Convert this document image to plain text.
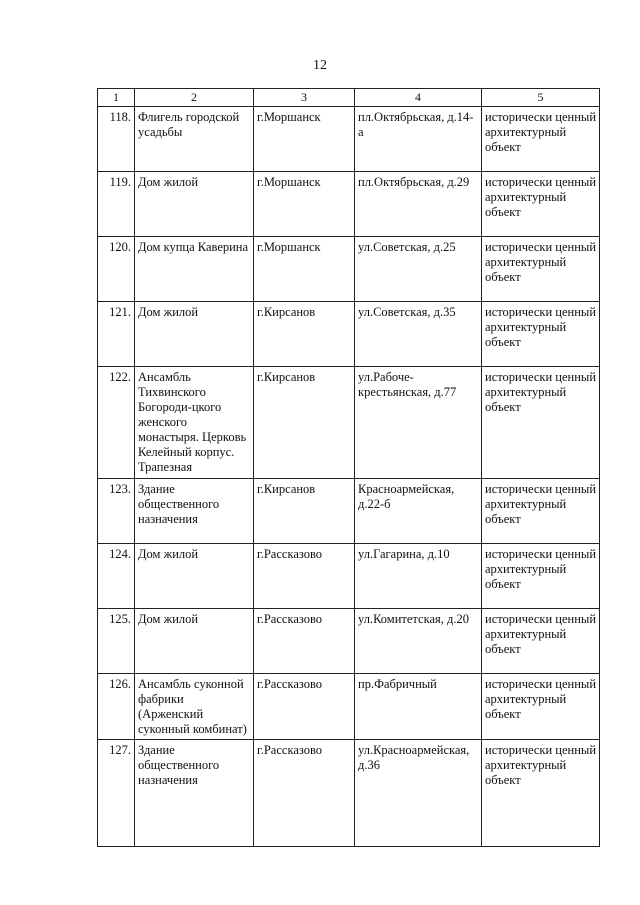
12
1	2	3	4	5
118.	Флигель городской усадьбы	г.Моршанск	пл.Октябрьская, д.14-а	исторически ценный архитектурный объект
119.	Дом жилой	г.Моршанск	пл.Октябрьская, д.29	исторически ценный архитектурный объект
120.	Дом купца Каверина	г.Моршанск	ул.Советская, д.25	исторически ценный архитектурный объект
121.	Дом жилой	г.Кирсанов	ул.Советская, д.35	исторически ценный архитектурный объект
122.	Ансамбль Тихвинского Богороди-цкого женского монастыря. Церковь Келейный корпус. Трапезная	г.Кирсанов	ул.Рабоче-крестьянская, д.77	исторически ценный архитектурный объект
123.	Здание общественного назначения	г.Кирсанов	Красноармейская, д.22-б	исторически ценный архитектурный объект
124.	Дом жилой	г.Рассказово	ул.Гагарина, д.10	исторически ценный архитектурный объект
125.	Дом жилой	г.Рассказово	ул.Комитетская, д.20	исторически ценный архитектурный объект
126.	Ансамбль суконной фабрики (Арженский суконный комбинат)	г.Рассказово	пр.Фабричный	исторически ценный архитектурный объект
127.	Здание общественного назначения	г.Рассказово	ул.Красноармейская, д.36	исторически ценный архитектурный объект
